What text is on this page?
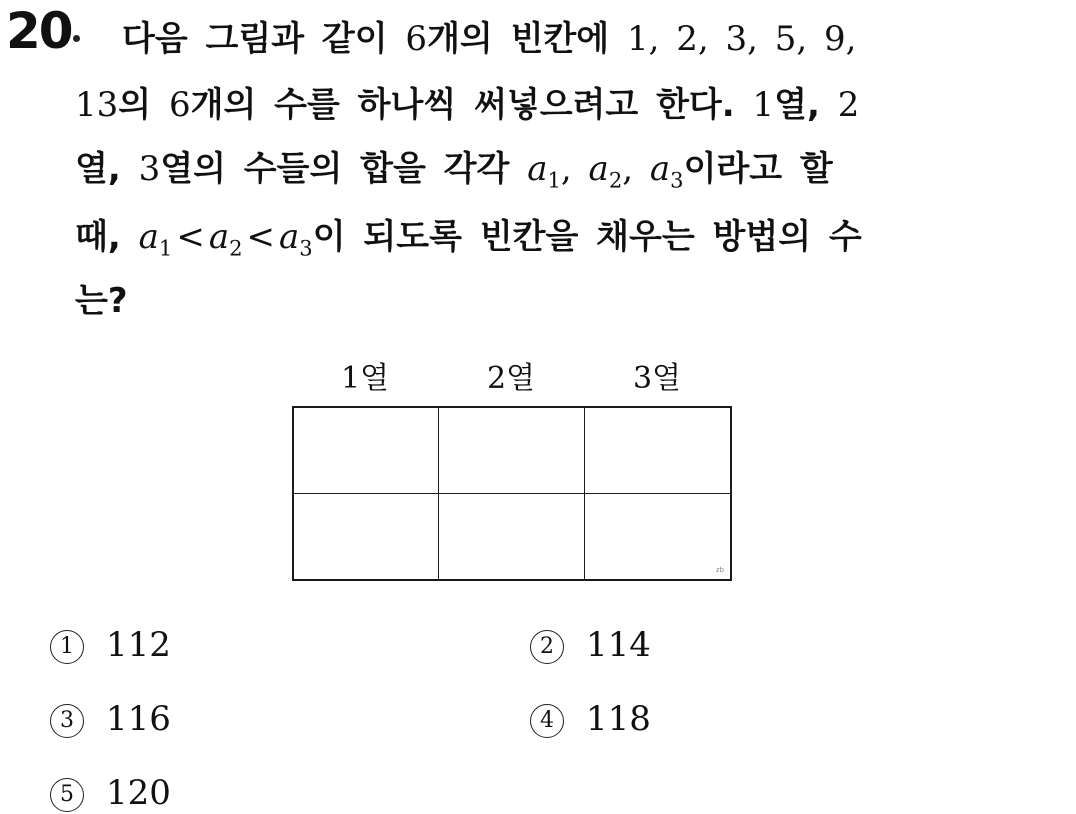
20 다음 그림과 같이 6개의 빈칸에 1, 2, 3, 5, 9,
13의 6개의 수를 하나씩 써넣으려고 한다. 1열, 2
열, 3열의 수들의 합을 각각 $a_1$, $a_2$, $a_3$이라고 할
때, $a_1 < a_2 < a_3$이 되도록 빈칸을 채우는 방법의 수
는?
1열	2열	3열
zb
1 112	2 114
3 116	4 118
5 120
